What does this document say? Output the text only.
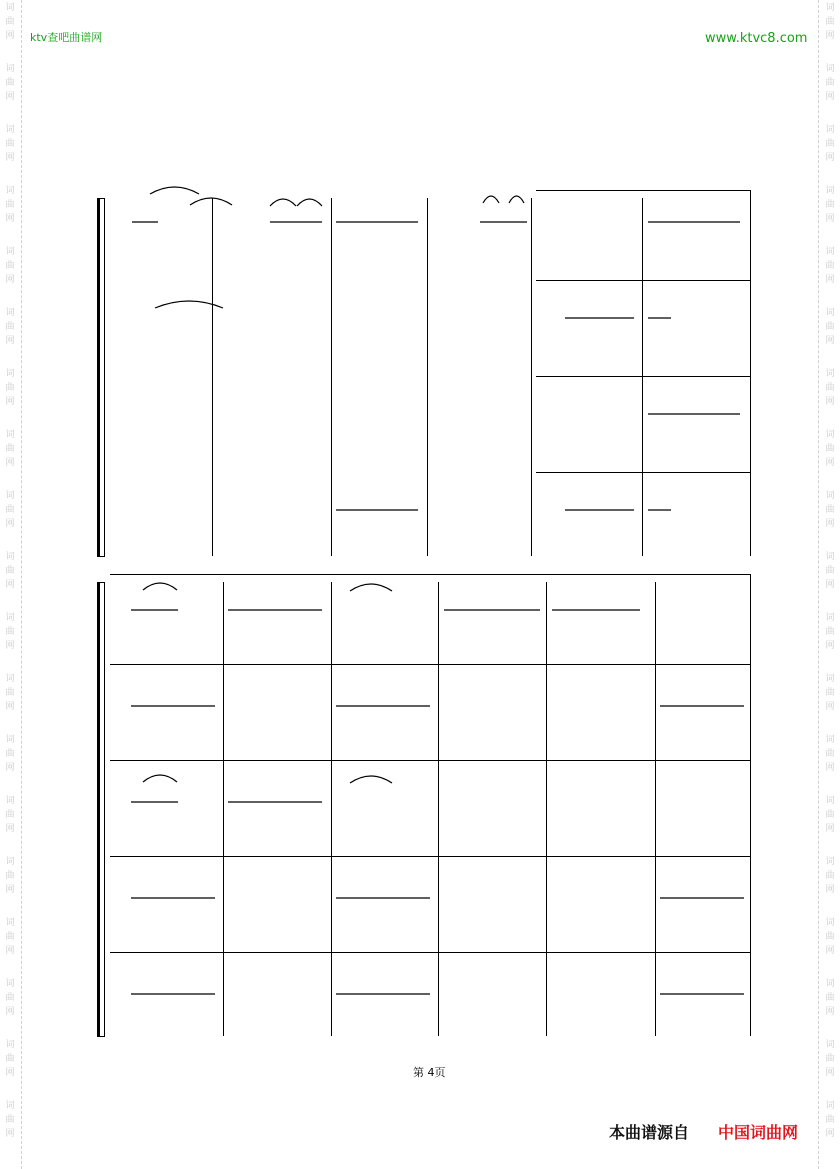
词
曲
网
词
曲
网
词
曲
网
词
曲
网
词
曲
网
词
曲
网
词
曲
网
词
曲
网
词
曲
网
词
曲
网
词
曲
网
词
曲
网
词
曲
网
词
曲
网
词
曲
网
词
曲
网
词
曲
网
词
曲
网
词
曲
网
词
曲
网
词
曲
网
词
曲
网
词
曲
网
词
曲
网
词
曲
网
词
曲
网
词
曲
网
词
曲
网
词
曲
网
词
曲
网
词
曲
网
词
曲
网
词
曲
网
词
曲
网
词
曲
网
词
曲
网
词
曲
网
词
曲
网
ktv查吧曲谱网	www.ktvc8.com
第 4页
本曲谱源自 中国词曲网
